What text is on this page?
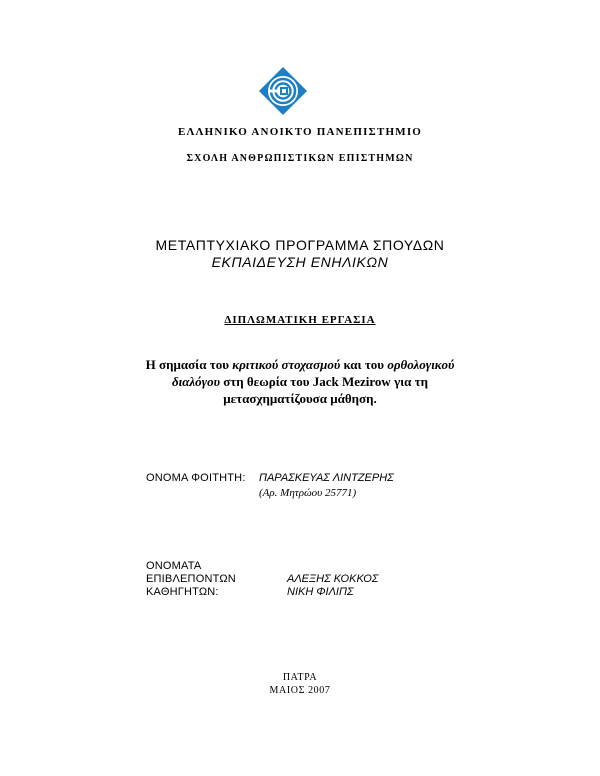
ΕΛΛΗΝΙΚΟ ΑΝΟΙΚΤΟ ΠΑΝΕΠΙΣΤΗΜΙΟ
ΣΧΟΛΗ ΑΝΘΡΩΠΙΣΤΙΚΩΝ ΕΠΙΣΤΗΜΩΝ
ΜΕΤΑΠΤΥΧΙΑΚΟ ΠΡΟΓΡΑΜΜΑ ΣΠΟΥΔΩΝ
ΕΚΠΑΙΔΕΥΣΗ ΕΝΗΛΙΚΩΝ
ΔΙΠΛΩΜΑΤΙΚΗ ΕΡΓΑΣΙΑ
Η σημασία του κριτικού στοχασμού και του ορθολογικού
διαλόγου στη θεωρία του Jack Mezirow για τη
μετασχηματίζουσα μάθηση.
ΟΝΟΜΑ ΦΟΙΤΗΤΗ: ΠΑΡΑΣΚΕΥΑΣ ΛΙΝΤΖΕΡΗΣ
(Αρ. Μητρώου 25771)
ΟΝΟΜΑΤΑ
ΕΠΙΒΛΕΠΟΝΤΩΝ
ΚΑΘΗΓΗΤΩΝ:
ΑΛΕΞΗΣ ΚΟΚΚΟΣ
ΝΙΚΗ ΦΙΛΙΠΣ
ΠΑΤΡΑ
ΜΑΙΟΣ 2007
